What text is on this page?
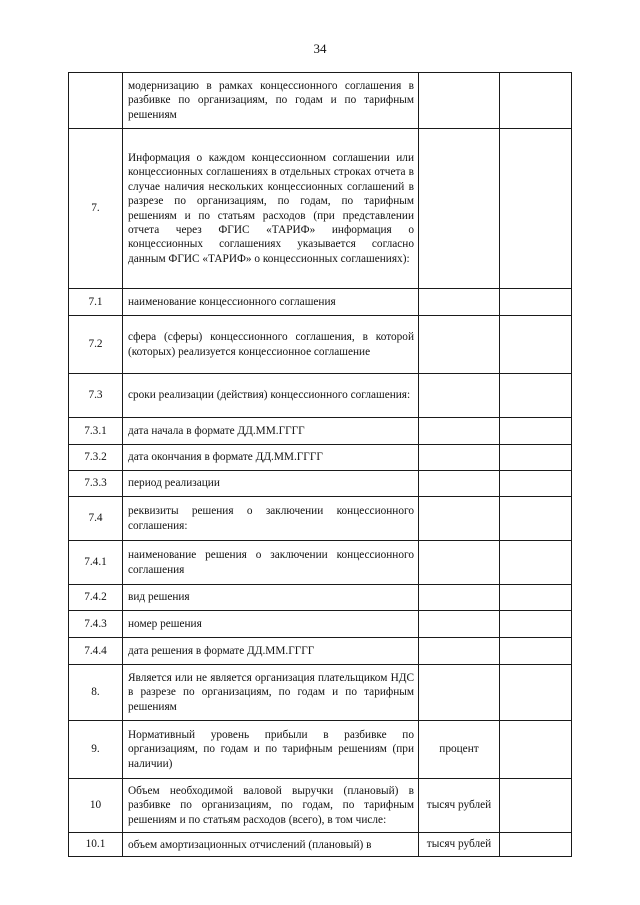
34
	модернизацию в рамках концессионного соглашения в разбивке по организациям, по годам и по тарифным решениям		
7.	Информация о каждом концессионном соглашении или концессионных соглашениях в отдельных строках отчета в случае наличия нескольких концессионных соглашений в разрезе по организациям, по годам, по тарифным решениям и по статьям расходов (при представлении отчета через ФГИС «ТАРИФ» информация о концессионных соглашениях указывается согласно данным ФГИС «ТАРИФ» о концессионных соглашениях):		
7.1	наименование концессионного соглашения		
7.2	сфера (сферы) концессионного соглашения, в которой (которых) реализуется концессионное соглашение		
7.3	сроки реализации (действия) концессионного соглашения:		
7.3.1	дата начала в формате ДД.ММ.ГГГГ		
7.3.2	дата окончания в формате ДД.ММ.ГГГГ		
7.3.3	период реализации		
7.4	реквизиты решения о заключении концессионного соглашения:		
7.4.1	наименование решения о заключении концессионного соглашения		
7.4.2	вид решения		
7.4.3	номер решения		
7.4.4	дата решения в формате ДД.ММ.ГГГГ		
8.	Является или не является организация плательщиком НДС в разрезе по организациям, по годам и по тарифным решениям		
9.	Нормативный уровень прибыли в разбивке по организациям, по годам и по тарифным решениям (при наличии)	процент	
10	Объем необходимой валовой выручки (плановый) в разбивке по организациям, по годам, по тарифным решениям и по статьям расходов (всего), в том числе:	тысяч рублей	
10.1	объем амортизационных отчислений (плановый) в	тысяч рублей	
